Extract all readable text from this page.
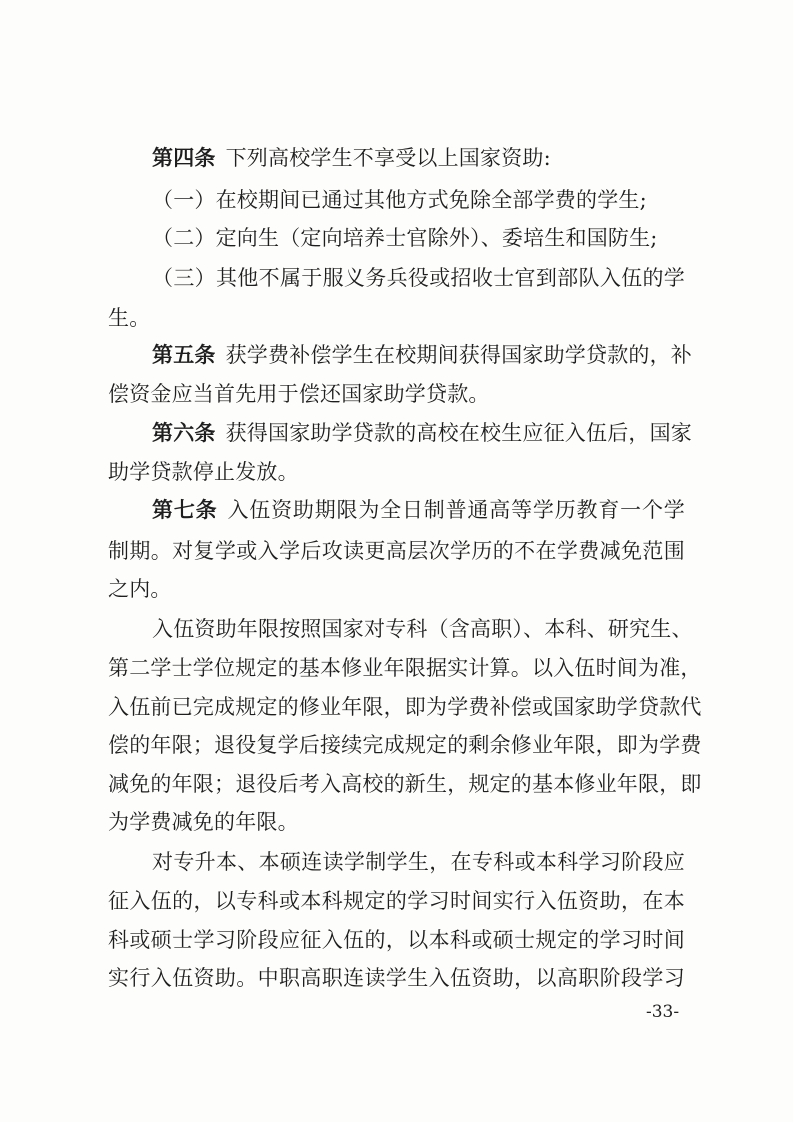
第四条 下列高校学生不享受以上国家资助:
（一）在校期间已通过其他方式免除全部学费的学生;
（二）定向生（定向培养士官除外）、委培生和国防生;
（三）其他不属于服义务兵役或招收士官到部队入伍的学
生。
第五条 获学费补偿学生在校期间获得国家助学贷款的，补
偿资金应当首先用于偿还国家助学贷款。
第六条 获得国家助学贷款的高校在校生应征入伍后，国家
助学贷款停止发放。
第七条 入伍资助期限为全日制普通高等学历教育一个学
制期。对复学或入学后攻读更高层次学历的不在学费减免范围
之内。
入伍资助年限按照国家对专科（含高职）、本科、研究生、
第二学士学位规定的基本修业年限据实计算。以入伍时间为准，
入伍前已完成规定的修业年限，即为学费补偿或国家助学贷款代
偿的年限；退役复学后接续完成规定的剩余修业年限，即为学费
减免的年限；退役后考入高校的新生，规定的基本修业年限，即
为学费减免的年限。
对专升本、本硕连读学制学生，在专科或本科学习阶段应
征入伍的，以专科或本科规定的学习时间实行入伍资助，在本
科或硕士学习阶段应征入伍的，以本科或硕士规定的学习时间
实行入伍资助。中职高职连读学生入伍资助，以高职阶段学习
-33-
